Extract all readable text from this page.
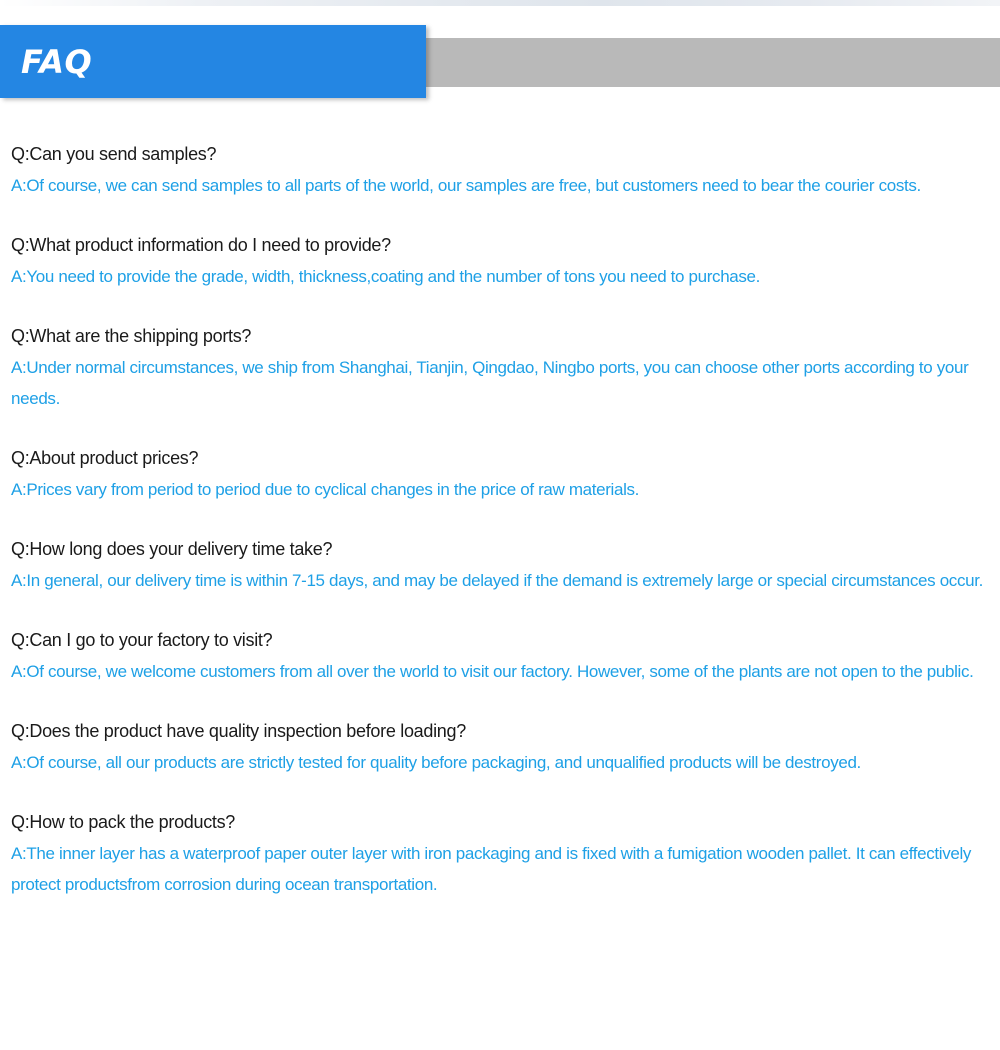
FAQ

Q:Can you send samples?

A:Of course, we can send samples to all parts of the world, our samples are free, but customers need to bear the courier costs.

Q:What product information do I need to provide?

A:You need to provide the grade, width, thickness,coating and the number of tons you need to purchase.

Q:What are the shipping ports?

A:Under normal circumstances, we ship from Shanghai, Tianjin, Qingdao, Ningbo ports, you can choose other ports according to your needs.

Q:About product prices?

A:Prices vary from period to period due to cyclical changes in the price of raw materials.

Q:How long does your delivery time take?

A:In general, our delivery time is within 7-15 days, and may be delayed if the demand is extremely large or special circumstances occur.

Q:Can I go to your factory to visit?

A:Of course, we welcome customers from all over the world to visit our factory. However, some of the plants are not open to the public.

Q:Does the product have quality inspection before loading?

A:Of course, all our products are strictly tested for quality before packaging, and unqualified products will be destroyed.

Q:How to pack the products?

A:The inner layer has a waterproof paper outer layer with iron packaging and is fixed with a fumigation wooden pallet. It can effectively protect productsfrom corrosion during ocean transportation.
